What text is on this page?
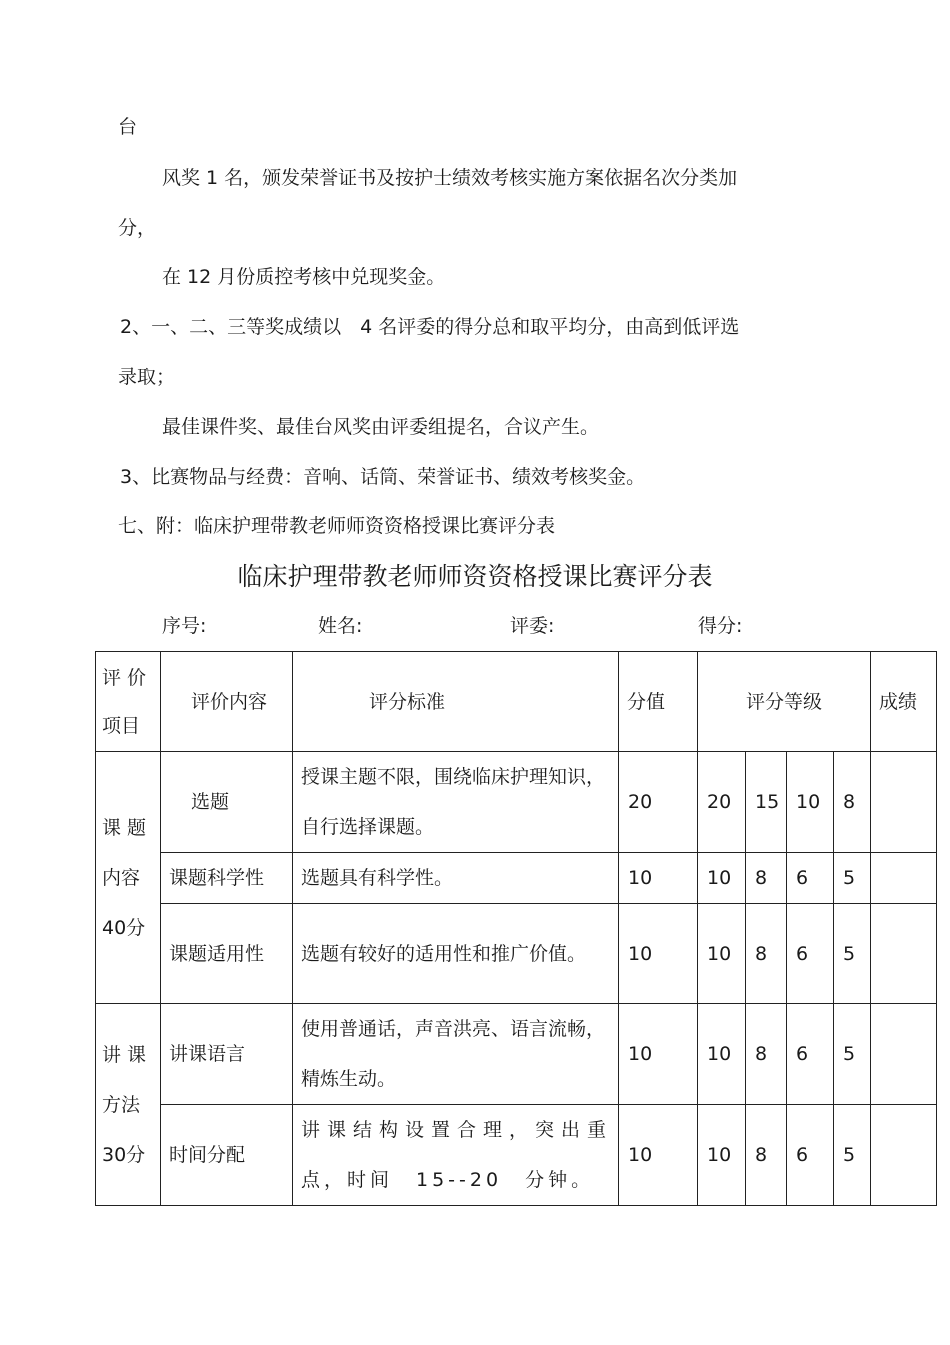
台
风奖 1 名，颁发荣誉证书及按护士绩效考核实施方案依据名次分类加
分，
在 12 月份质控考核中兑现奖金。
2、一、二、三等奖成绩以　4 名评委的得分总和取平均分，由高到低评选
录取；
最佳课件奖、最佳台风奖由评委组提名，合议产生。
3、比赛物品与经费：音响、话筒、荣誉证书、绩效考核奖金。
七、附：临床护理带教老师师资资格授课比赛评分表
临床护理带教老师师资资格授课比赛评分表
序号:	姓名:	评委:	得分:
评 价
项目	评价内容	评分标准	分值	评分等级				成绩

课 题
内容
40分	选题	授课主题不限，围绕临床护理知识，自行选择课题。	20	20	15	10	8	
	课题科学性	选题具有科学性。	10	10	8	6	5	
	课题适用性	选题有较好的适用性和推广价值。	10	10	8	6	5	

讲 课
方法
30分	讲课语言	使用普通话，声音洪亮、语言流畅，精炼生动。	10	10	8	6	5	
	时间分配	讲课结构设置合理，突出重点，时间　15--20　分钟。	10	10	8	6	5	
